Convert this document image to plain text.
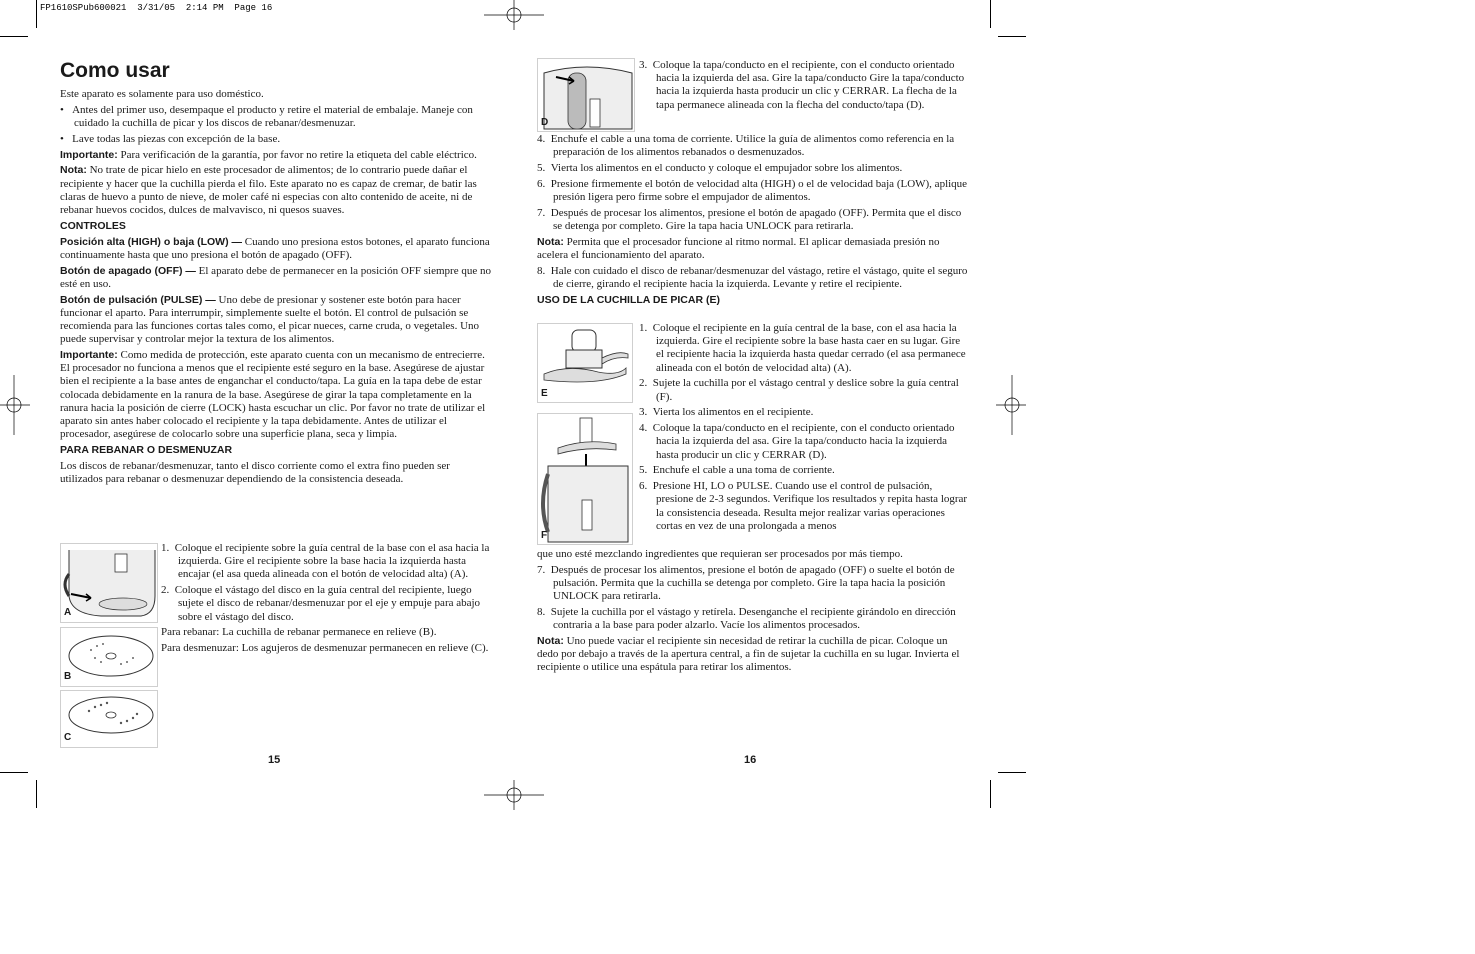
FP1610SPub600021  3/31/05  2:14 PM  Page 16
Como usar

Este aparato es solamente para uso doméstico.

•   Antes del primer uso, desempaque el producto y retire el material de embalaje. Maneje con cuidado la cuchilla de picar y los discos de rebanar/desmenuzar.

•   Lave todas las piezas con excepción de la base.

Importante: Para verificación de la garantía, por favor no retire la etiqueta del cable eléctrico.

Nota: No trate de picar hielo en este procesador de alimentos; de lo contrario puede dañar el recipiente y hacer que la cuchilla pierda el filo. Este aparato no es capaz de cremar, de batir las claras de huevo a punto de nieve, de moler café ni especias con alto contenido de aceite, ni de rebanar huevos cocidos, dulces de malvavisco, ni quesos suaves.

CONTROLES

Posición alta (HIGH) o baja (LOW) — Cuando uno presiona estos botones, el aparato funciona continuamente hasta que uno presiona el botón de apagado (OFF).

Botón de apagado (OFF) — El aparato debe de permanecer en la posición OFF siempre que no esté en uso.

Botón de pulsación (PULSE) — Uno debe de presionar y sostener este botón para hacer funcionar el aparto. Para interrumpir, simplemente suelte el botón. El control de pulsación se recomienda para las funciones cortas tales como, el picar nueces, carne cruda, o vegetales. Uno puede supervisar y controlar mejor la textura de los alimentos.

Importante: Como medida de protección, este aparato cuenta con un mecanismo de entrecierre. El procesador no funciona a menos que el recipiente esté seguro en la base. Asegúrese de ajustar bien el recipiente a la base antes de enganchar el conducto/tapa. La guía en la tapa debe de estar colocada debidamente en la ranura de la base. Asegúrese de girar la tapa completamente en la ranura hacia la posición de cierre (LOCK) hasta escuchar un clic. Por favor no trate de utilizar el aparato sin antes haber colocado el recipiente y la tapa debidamente. Antes de utilizar el procesador, asegúrese de colocarlo sobre una superficie plana, seca y limpia.

PARA REBANAR O DESMENUZAR

Los discos de rebanar/desmenuzar, tanto el disco corriente como el extra fino pueden ser utilizados para rebanar o desmenuzar dependiendo de la consistencia deseada.

A
B
C

1. Coloque el recipiente sobre la guía central de la base con el asa hacia la izquierda. Gire el recipiente sobre la base hacia la izquierda hasta encajar (el asa queda alineada con el botón de velocidad alta) (A).

2. Coloque el vástago del disco en la guía central del recipiente, luego sujete el disco de rebanar/desmenuzar por el eje y empuje para abajo sobre el vástago del disco.

Para rebanar: La cuchilla de rebanar permanece en relieve (B).

Para desmenuzar: Los agujeros de desmenuzar permanecen en relieve (C).

15
D

3. Coloque la tapa/conducto en el recipiente, con el conducto orientado hacia la izquierda del asa. Gire la tapa/conducto Gire la tapa/conducto hacia la izquierda hasta producir un clic y CERRAR. La flecha de la tapa permanece alineada con la flecha del conducto/tapa (D).

4. Enchufe el cable a una toma de corriente. Utilice la guía de alimentos como referencia en la preparación de los alimentos rebanados o desmenuzados.

5. Vierta los alimentos en el conducto y coloque el empujador sobre los alimentos.

6. Presione firmemente el botón de velocidad alta (HIGH) o el de velocidad baja (LOW), aplique presión ligera pero firme sobre el empujador de alimentos.

7. Después de procesar los alimentos, presione el botón de apagado (OFF). Permita que el disco se detenga por completo. Gire la tapa hacia UNLOCK para retirarla.

Nota: Permita que el procesador funcione al ritmo normal. El aplicar demasiada presión no acelera el funcionamiento del aparato.

8. Hale con cuidado el disco de rebanar/desmenuzar del vástago, retire el vástago, quite el seguro de cierre, girando el recipiente hacia la izquierda. Levante y retire el recipiente.

USO DE LA CUCHILLA DE PICAR (E)
E
F

1. Coloque el recipiente en la guía central de la base, con el asa hacia la izquierda. Gire el recipiente sobre la base hasta caer en su lugar. Gire el recipiente hacia la izquierda hasta quedar cerrado (el asa permanece alineada con el botón de velocidad alta) (A).

2. Sujete la cuchilla por el vástago central y deslice sobre la guía central (F).

3. Vierta los alimentos en el recipiente.

4. Coloque la tapa/conducto en el recipiente, con el conducto orientado hacia la izquierda del asa. Gire la tapa/conducto hacia la izquierda hasta producir un clic y CERRAR (D).

5. Enchufe el cable a una toma de corriente.

6. Presione HI, LO o PULSE. Cuando use el control de pulsación, presione de 2-3 segundos. Verifique los resultados y repita hasta lograr la consistencia deseada. Resulta mejor realizar varias operaciones cortas en vez de una prolongada a menos

que uno esté mezclando ingredientes que requieran ser procesados por más tiempo.

7. Después de procesar los alimentos, presione el botón de apagado (OFF) o suelte el botón de pulsación. Permita que la cuchilla se detenga por completo. Gire la tapa hacia la posición UNLOCK para retirarla.

8. Sujete la cuchilla por el vástago y retírela. Desenganche el recipiente girándolo en dirección contraria a la base para poder alzarlo. Vacíe los alimentos procesados.

Nota: Uno puede vaciar el recipiente sin necesidad de retirar la cuchilla de picar. Coloque un dedo por debajo a través de la apertura central, a fin de sujetar la cuchilla en su lugar. Invierta el recipiente o utilice una espátula para retirar los alimentos.

16
